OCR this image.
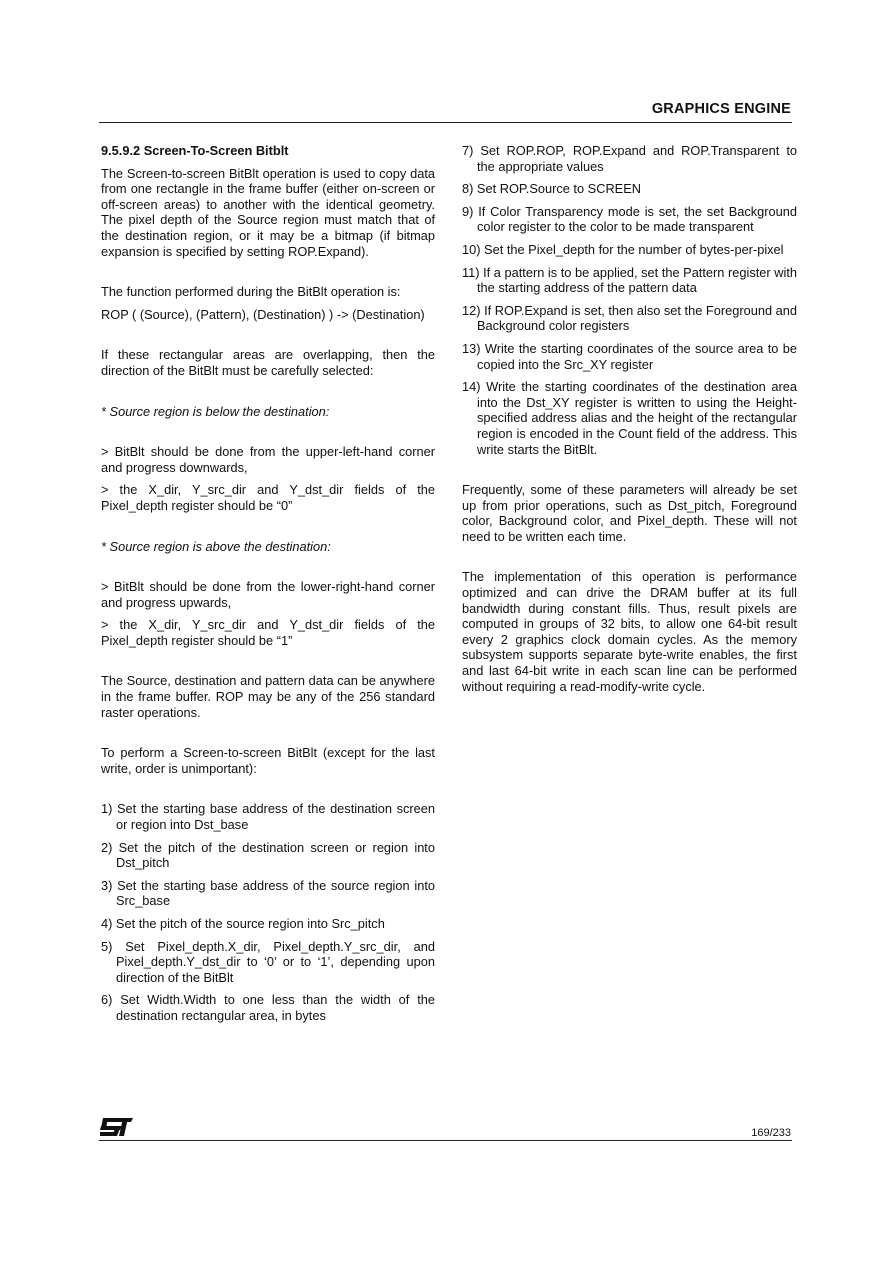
GRAPHICS ENGINE

9.5.9.2 Screen-To-Screen Bitblt

The Screen-to-screen BitBlt operation is used to copy data from one rectangle in the frame buffer (either on-screen or off-screen areas) to another with the identical geometry. The pixel depth of the Source region must match that of the destination region, or it may be a bitmap (if bitmap expansion is specified by setting ROP.Expand).

The function performed during the BitBlt operation is:

ROP ( (Source), (Pattern), (Destination) ) -> (Destination)

If these rectangular areas are overlapping, then the direction of the BitBlt must be carefully selected:

* Source region is below the destination:

> BitBlt should be done from the upper-left-hand corner and progress downwards,

> the X_dir, Y_src_dir and Y_dst_dir fields of the Pixel_depth register should be “0”

* Source region is above the destination:

> BitBlt should be done from the lower-right-hand corner and progress upwards,

> the X_dir, Y_src_dir and Y_dst_dir fields of the Pixel_depth register should be “1”

The Source, destination and pattern data can be anywhere in the frame buffer. ROP may be any of the 256 standard raster operations.

To perform a Screen-to-screen BitBlt (except for the last write, order is unimportant):

1) Set the starting base address of the destination screen or region into Dst_base

2) Set the pitch of the destination screen or region into Dst_pitch

3) Set the starting base address of the source region into Src_base

4) Set the pitch of the source region into Src_pitch

5) Set Pixel_depth.X_dir, Pixel_depth.Y_src_dir, and Pixel_depth.Y_dst_dir to ‘0’ or to ‘1’, depending upon direction of the BitBlt

6) Set Width.Width to one less than the width of the destination rectangular area, in bytes

7) Set ROP.ROP, ROP.Expand and ROP.Transparent to the appropriate values

8) Set ROP.Source to SCREEN

9) If Color Transparency mode is set, the set Background color register to the color to be made transparent

10) Set the Pixel_depth for the number of bytes-per-pixel

11) If a pattern is to be applied, set the Pattern register with the starting address of the pattern data

12) If ROP.Expand is set, then also set the Foreground and Background color registers

13) Write the starting coordinates of the source area to be copied into the Src_XY register

14) Write the starting coordinates of the destination area into the Dst_XY register is written to using the Height-specified address alias and the height of the rectangular region is encoded in the Count field of the address. This write starts the BitBlt.

Frequently, some of these parameters will already be set up from prior operations, such as Dst_pitch, Foreground color, Background color, and Pixel_depth. These will not need to be written each time.

The implementation of this operation is performance optimized and can drive the DRAM buffer at its full bandwidth during constant fills. Thus, result pixels are computed in groups of 32 bits, to allow one 64-bit result every 2 graphics clock domain cycles. As the memory subsystem supports separate byte-write enables, the first and last 64-bit write in each scan line can be performed without requiring a read-modify-write cycle.

169/233
